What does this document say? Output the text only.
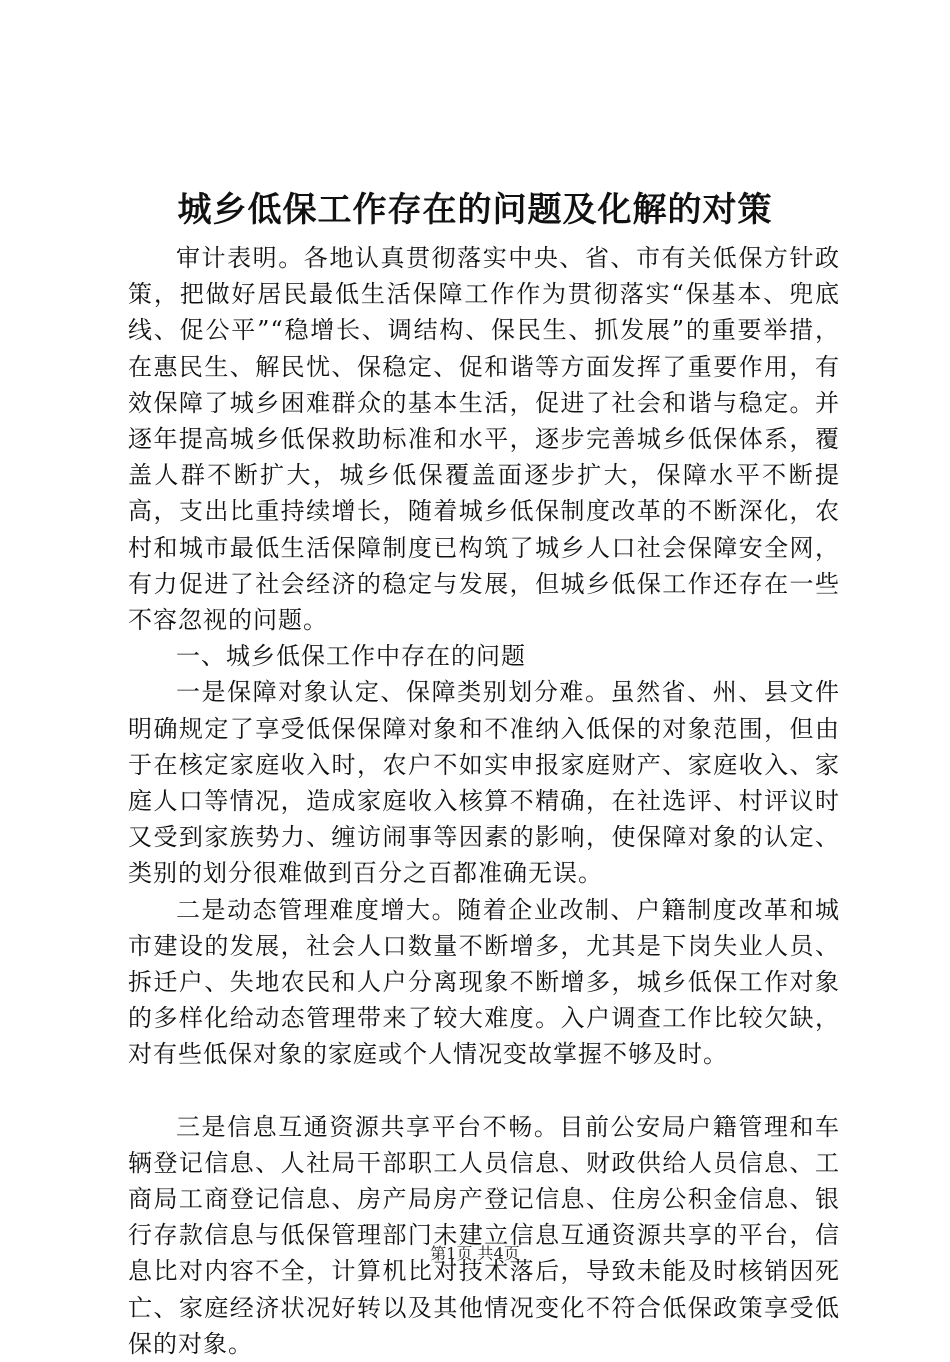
城乡低保工作存在的问题及化解的对策

审计表明。各地认真贯彻落实中央、省、市有关低保方针政策，把做好居民最低生活保障工作作为贯彻落实“保基本、兜底线、促公平”“稳增长、调结构、保民生、抓发展”的重要举措，在惠民生、解民忧、保稳定、促和谐等方面发挥了重要作用，有效保障了城乡困难群众的基本生活，促进了社会和谐与稳定。并逐年提高城乡低保救助标准和水平，逐步完善城乡低保体系，覆盖人群不断扩大，城乡低保覆盖面逐步扩大，保障水平不断提高，支出比重持续增长，随着城乡低保制度改革的不断深化，农村和城市最低生活保障制度已构筑了城乡人口社会保障安全网，有力促进了社会经济的稳定与发展，但城乡低保工作还存在一些不容忽视的问题。

一、城乡低保工作中存在的问题

一是保障对象认定、保障类别划分难。虽然省、州、县文件明确规定了享受低保保障对象和不准纳入低保的对象范围，但由于在核定家庭收入时，农户不如实申报家庭财产、家庭收入、家庭人口等情况，造成家庭收入核算不精确，在社选评、村评议时又受到家族势力、缠访闹事等因素的影响，使保障对象的认定、类别的划分很难做到百分之百都准确无误。

二是动态管理难度增大。随着企业改制、户籍制度改革和城市建设的发展，社会人口数量不断增多，尤其是下岗失业人员、拆迁户、失地农民和人户分离现象不断增多，城乡低保工作对象的多样化给动态管理带来了较大难度。入户调查工作比较欠缺，对有些低保对象的家庭或个人情况变故掌握不够及时。

三是信息互通资源共享平台不畅。目前公安局户籍管理和车辆登记信息、人社局干部职工人员信息、财政供给人员信息、工商局工商登记信息、房产局房产登记信息、住房公积金信息、银行存款信息与低保管理部门未建立信息互通资源共享的平台，信息比对内容不全，计算机比对技术落后，导致未能及时核销因死亡、家庭经济状况好转以及其他情况变化不符合低保政策享受低保的对象。

第1页 共4页
